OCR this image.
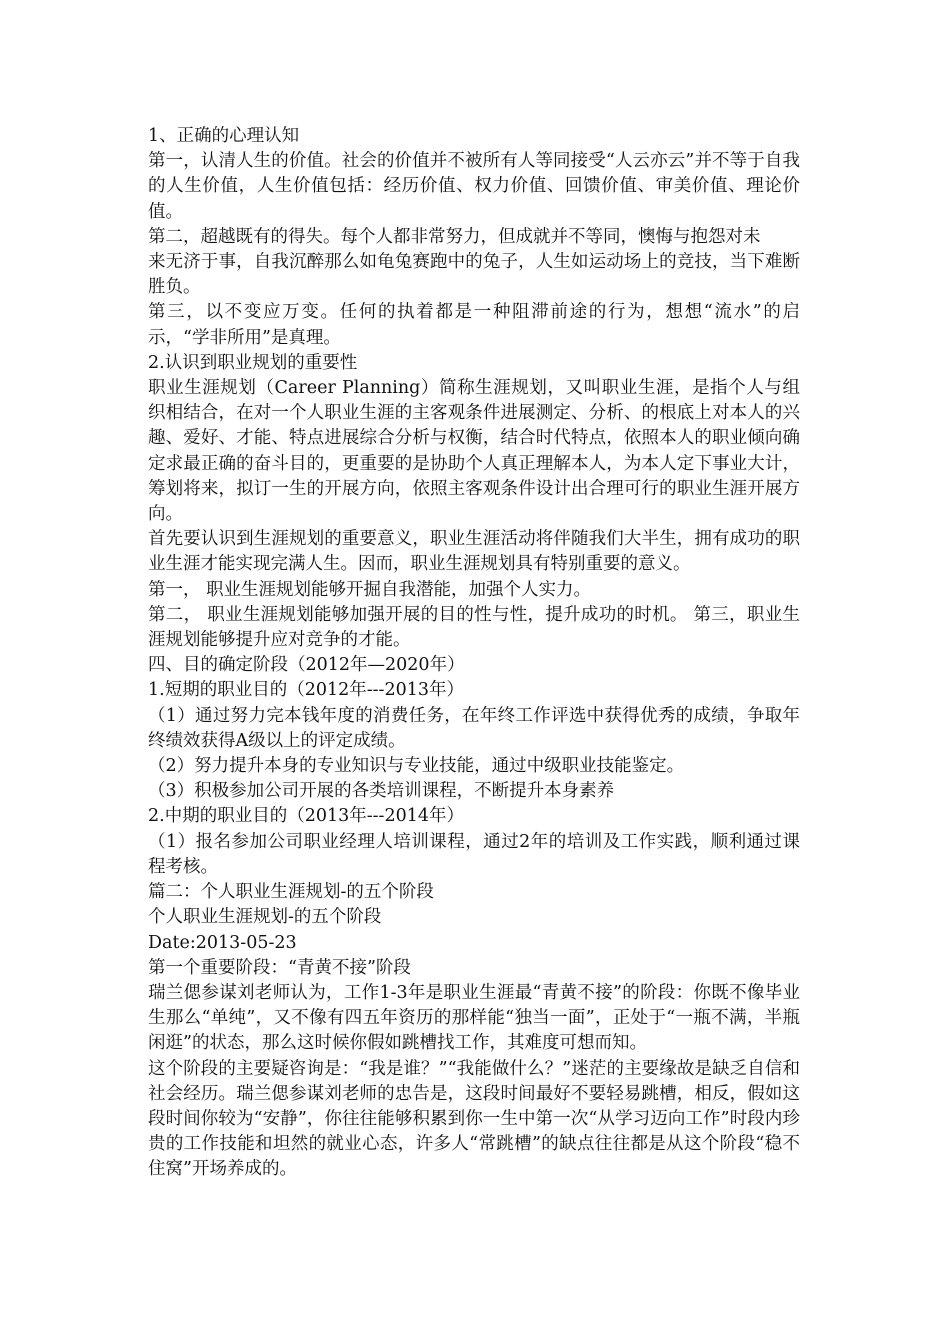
1、正确的心理认知

第一，认清人生的价值。社会的价值并不被所有人等同接受“人云亦云”并不等于自我的人生价值，人生价值包括：经历价值、权力价值、回馈价值、审美价值、理论价值。

第二，超越既有的得失。每个人都非常努力，但成就并不等同，懊悔与抱怨对未

来无济于事，自我沉醉那么如龟兔赛跑中的兔子，人生如运动场上的竞技，当下难断胜负。

第三，以不变应万变。任何的执着都是一种阻滞前途的行为，想想“流水”的启示，“学非所用”是真理。

2.认识到职业规划的重要性

职业生涯规划（Career Planning）简称生涯规划，又叫职业生涯，是指个人与组织相结合，在对一个人职业生涯的主客观条件进展测定、分析、的根底上对本人的兴趣、爱好、才能、特点进展综合分析与权衡，结合时代特点，依照本人的职业倾向确定求最正确的奋斗目的，更重要的是协助个人真正理解本人，为本人定下事业大计，筹划将来，拟订一生的开展方向，依照主客观条件设计出合理可行的职业生涯开展方向。

首先要认识到生涯规划的重要意义，职业生涯活动将伴随我们大半生，拥有成功的职业生涯才能实现完满人生。因而，职业生涯规划具有特别重要的意义。

第一， 职业生涯规划能够开掘自我潜能，加强个人实力。

第二， 职业生涯规划能够加强开展的目的性与性，提升成功的时机。 第三，职业生涯规划能够提升应对竞争的才能。

四、目的确定阶段（2012年—2020年）

1.短期的职业目的（2012年---2013年）

（1）通过努力完本钱年度的消费任务，在年终工作评选中获得优秀的成绩，争取年终绩效获得A级以上的评定成绩。

（2）努力提升本身的专业知识与专业技能，通过中级职业技能鉴定。

（3）积极参加公司开展的各类培训课程，不断提升本身素养

2.中期的职业目的（2013年---2014年）

（1）报名参加公司职业经理人培训课程，通过2年的培训及工作实践，顺利通过课程考核。

篇二：个人职业生涯规划-的五个阶段

个人职业生涯规划-的五个阶段

Date:2013-05-23

第一个重要阶段：“青黄不接”阶段

瑞兰偲参谋刘老师认为，工作1-3年是职业生涯最“青黄不接”的阶段：你既不像毕业生那么“单纯”，又不像有四五年资历的那样能“独当一面”，正处于“一瓶不满，半瓶闲逛”的状态，那么这时候你假如跳槽找工作，其难度可想而知。

这个阶段的主要疑咨询是：“我是谁？”“我能做什么？”迷茫的主要缘故是缺乏自信和社会经历。瑞兰偲参谋刘老师的忠告是，这段时间最好不要轻易跳槽，相反，假如这段时间你较为“安静”，你往往能够积累到你一生中第一次“从学习迈向工作”时段内珍贵的工作技能和坦然的就业心态，许多人“常跳槽”的缺点往往都是从这个阶段“稳不住窝”开场养成的。
